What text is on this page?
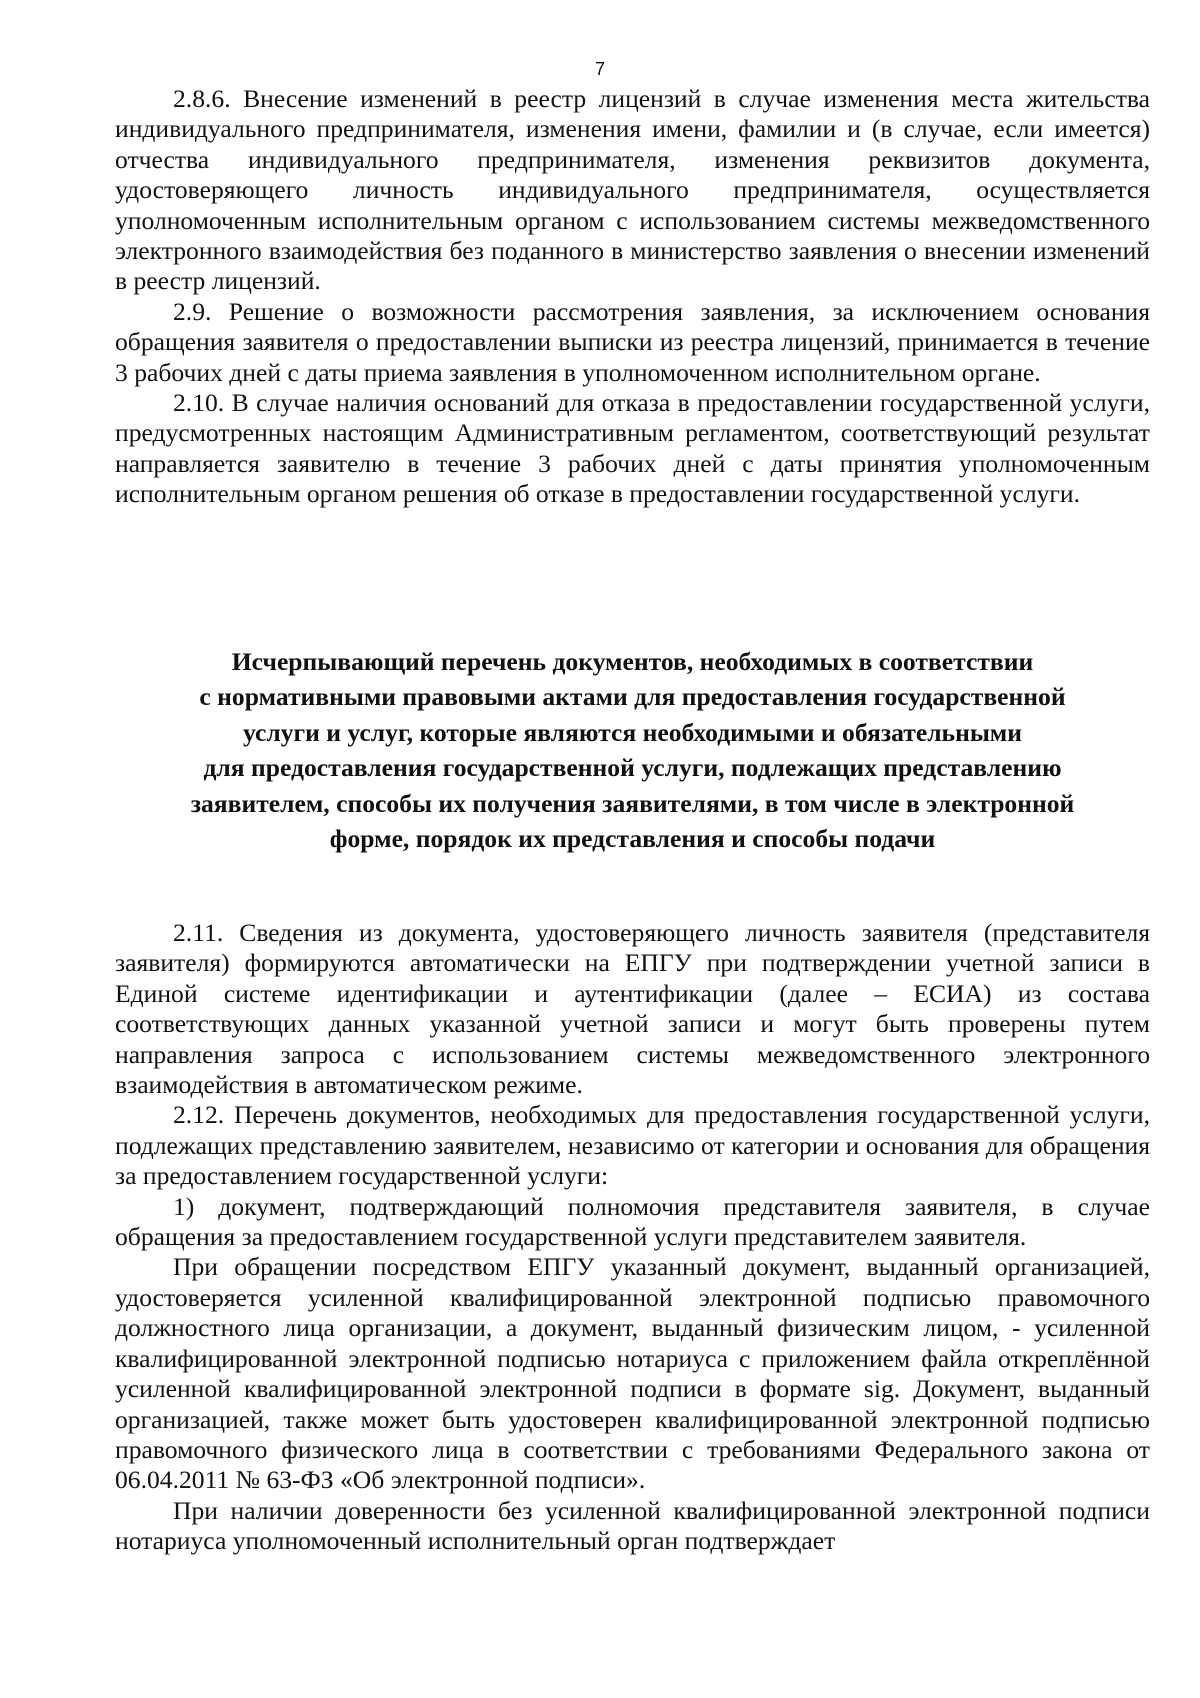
7

2.8.6. Внесение изменений в реестр лицензий в случае изменения места жительства индивидуального предпринимателя, изменения имени, фамилии и (в случае, если имеется) отчества индивидуального предпринимателя, изменения реквизитов документа, удостоверяющего личность индивидуального предпринимателя, осуществляется уполномоченным исполнительным органом с использованием системы межведомственного электронного взаимодействия без поданного в министерство заявления о внесении изменений в реестр лицензий.

2.9. Решение о возможности рассмотрения заявления, за исключением основания обращения заявителя о предоставлении выписки из реестра лицензий, принимается в течение 3 рабочих дней с даты приема заявления в уполномоченном исполнительном органе.

2.10. В случае наличия оснований для отказа в предоставлении государственной услуги, предусмотренных настоящим Административным регламентом, соответствующий результат направляется заявителю в течение 3 рабочих дней с даты принятия уполномоченным исполнительным органом решения об отказе в предоставлении государственной услуги.

Исчерпывающий перечень документов, необходимых в соответствии
с нормативными правовыми актами для предоставления государственной
услуги и услуг, которые являются необходимыми и обязательными
для предоставления государственной услуги, подлежащих представлению
заявителем, способы их получения заявителями, в том числе в электронной
форме, порядок их представления и способы подачи

2.11. Сведения из документа, удостоверяющего личность заявителя (представителя заявителя) формируются автоматически на ЕПГУ при подтверждении учетной записи в Единой системе идентификации и аутентификации (далее – ЕСИА) из состава соответствующих данных указанной учетной записи и могут быть проверены путем направления запроса с использованием системы межведомственного электронного взаимодействия в автоматическом режиме.

2.12. Перечень документов, необходимых для предоставления государственной услуги, подлежащих представлению заявителем, независимо от категории и основания для обращения за предоставлением государственной услуги:

1) документ, подтверждающий полномочия представителя заявителя, в случае обращения за предоставлением государственной услуги представителем заявителя.

При обращении посредством ЕПГУ указанный документ, выданный организацией, удостоверяется усиленной квалифицированной электронной подписью правомочного должностного лица организации, а документ, выданный физическим лицом, - усиленной квалифицированной электронной подписью нотариуса с приложением файла откреплённой усиленной квалифицированной электронной подписи в формате sig. Документ, выданный организацией, также может быть удостоверен квалифицированной электронной подписью правомочного физического лица в соответствии с требованиями Федерального закона от 06.04.2011 № 63-ФЗ «Об электронной подписи».

При наличии доверенности без усиленной квалифицированной электронной подписи нотариуса уполномоченный исполнительный орган подтверждает
